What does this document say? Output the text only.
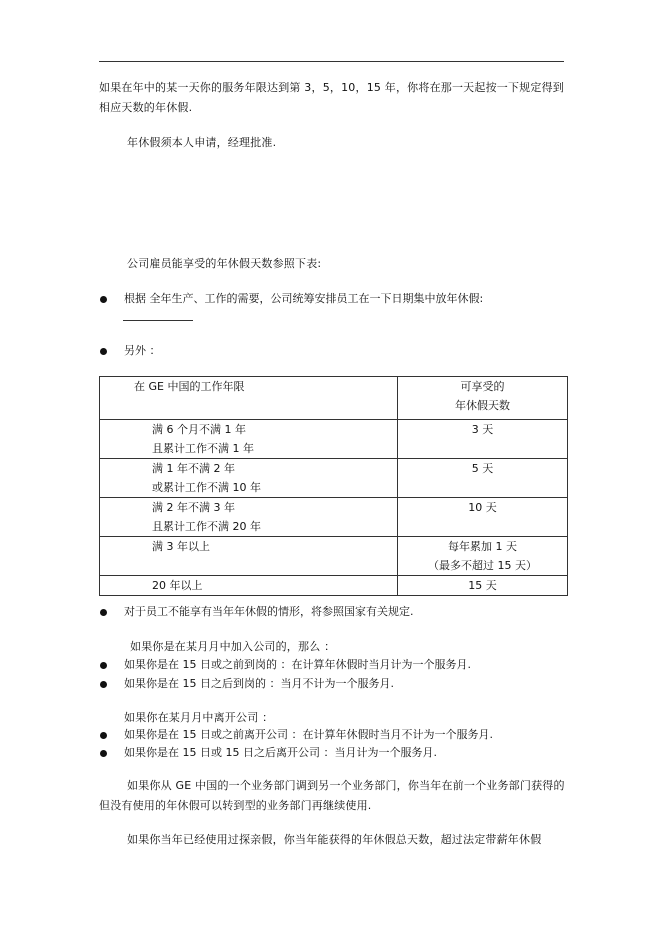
如果在年中的某一天你的服务年限达到第 3，5，10，15 年，你将在那一天起按一下规定得到相应天数的年休假.

年休假须本人申请，经理批准.

公司雇员能享受的年休假天数参照下表:

根据 全年生产、工作的需要，公司统筹安排员工在一下日期集中放年休假:
另外 ：
在 GE 中国的工作年限	可享受的
年休假天数

满 6 个月不满 1 年
且累计工作不满 1 年	3 天

满 1 年不满 2 年
或累计工作不满 10 年	5 天

满 2 年不满 3 年
且累计工作不满 20 年	10 天

满 3 年以上	每年累加 1 天
（最多不超过 15 天）

20 年以上	15 天
对于员工不能享有当年年休假的情形，将参照国家有关规定.

如果你是在某月月中加入公司的，那么 ：

如果你是在 15 日或之前到岗的 ：在计算年休假时当月计为一个服务月.
如果你是在 15 日之后到岗的 ：当月不计为一个服务月.

如果你在某月月中离开公司 ：

如果你是在 15 日或之前离开公司 ：在计算年休假时当月不计为一个服务月.
如果你是在 15 日或 15 日之后离开公司 ：当月计为一个服务月.

如果你从 GE 中国的一个业务部门调到另一个业务部门，你当年在前一个业务部门获得的但没有使用的年休假可以转到型的业务部门再继续使用.

如果你当年已经使用过探亲假，你当年能获得的年休假总天数，超过法定带薪年休假
